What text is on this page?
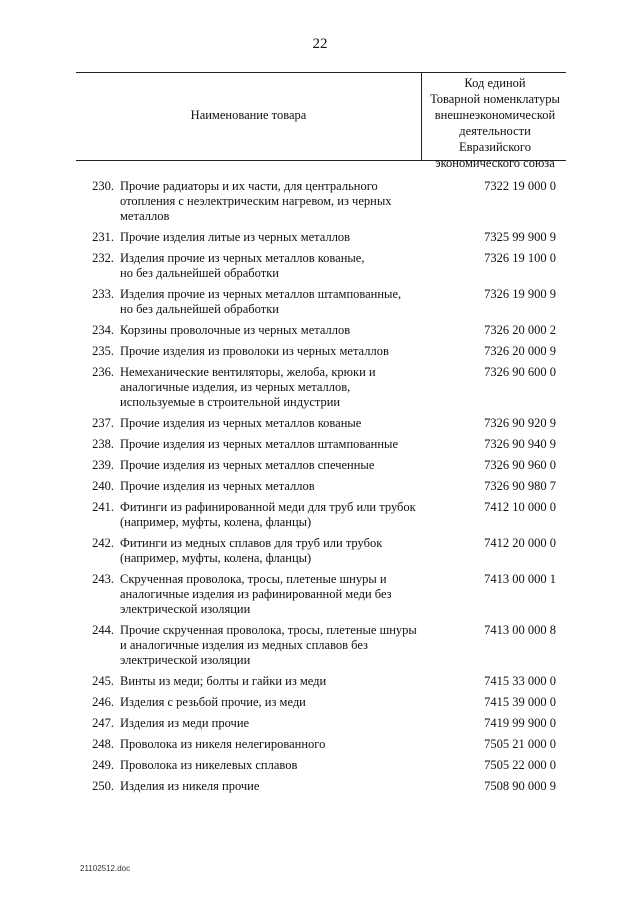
22
Наименование товара
Код единой
Товарной номенклатуры
внешнеэкономической
деятельности
Евразийского
экономического союза
230. Прочие радиаторы и их части, для центрального
отопления с неэлектрическим нагревом, из черных
металлов
7322 19 000 0
231. Прочие изделия литые из черных металлов	7325 99 900 9
232. Изделия прочие из черных металлов кованые,
но без дальнейшей обработки
7326 19 100 0
233. Изделия прочие из черных металлов штампованные,
но без дальнейшей обработки
7326 19 900 9
234. Корзины проволочные из черных металлов	7326 20 000 2
235. Прочие изделия из проволоки из черных металлов	7326 20 000 9
236. Немеханические вентиляторы, желоба, крюки и
аналогичные изделия, из черных металлов,
используемые в строительной индустрии
7326 90 600 0
237. Прочие изделия из черных металлов кованые	7326 90 920 9
238. Прочие изделия из черных металлов штампованные	7326 90 940 9
239. Прочие изделия из черных металлов спеченные	7326 90 960 0
240. Прочие изделия из черных металлов	7326 90 980 7
241. Фитинги из рафинированной меди для труб или трубок
(например, муфты, колена, фланцы)
7412 10 000 0
242. Фитинги из медных сплавов для труб или трубок
(например, муфты, колена, фланцы)
7412 20 000 0
243. Скрученная проволока, тросы, плетеные шнуры и
аналогичные изделия из рафинированной меди без
электрической изоляции
7413 00 000 1
244. Прочие скрученная проволока, тросы, плетеные шнуры
и аналогичные изделия из медных сплавов без
электрической изоляции
7413 00 000 8
245. Винты из меди; болты и гайки из меди	7415 33 000 0
246. Изделия с резьбой прочие, из меди	7415 39 000 0
247. Изделия из меди прочие	7419 99 900 0
248. Проволока из никеля нелегированного	7505 21 000 0
249. Проволока из никелевых сплавов	7505 22 000 0
250. Изделия из никеля прочие	7508 90 000 9
21102512.doc
